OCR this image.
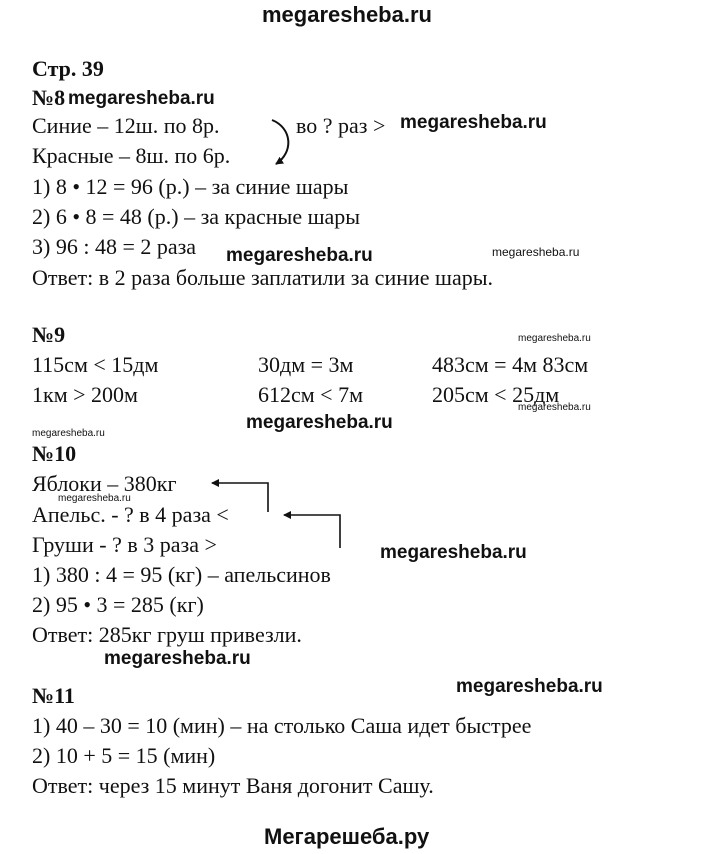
megaresheba.ru
Стр. 39
№8 megaresheba.ru
Синие – 12ш. по 8р.	во ? раз > megaresheba.ru
Красные – 8ш. по 6р.
1) 8 • 12 = 96 (р.) – за синие шары
2) 6 • 8 = 48 (р.) – за красные шары
3) 96 : 48 = 2 раза megaresheba.ru	megaresheba.ru
Ответ: в 2 раза больше заплатили за синие шары.
№9	megaresheba.ru
115см < 15дм	30дм = 3м	483см = 4м 83см
1км > 200м	612см < 7м	205см < 25дм
megaresheba.ru
megaresheba.ru
megaresheba.ru
№10
Яблоки – 380кг
megaresheba.ru
Апельс. - ? в 4 раза <
Груши - ? в 3 раза >	megaresheba.ru
1) 380 : 4 = 95 (кг) – апельсинов
2) 95 • 3 = 285 (кг)
Ответ: 285кг груш привезли.
megaresheba.ru
№11	megaresheba.ru
1) 40 – 30 = 10 (мин) – на столько Саша идет быстрее
2) 10 + 5 = 15 (мин)
Ответ: через 15 минут Ваня догонит Сашу.
Мегарешеба.ру
